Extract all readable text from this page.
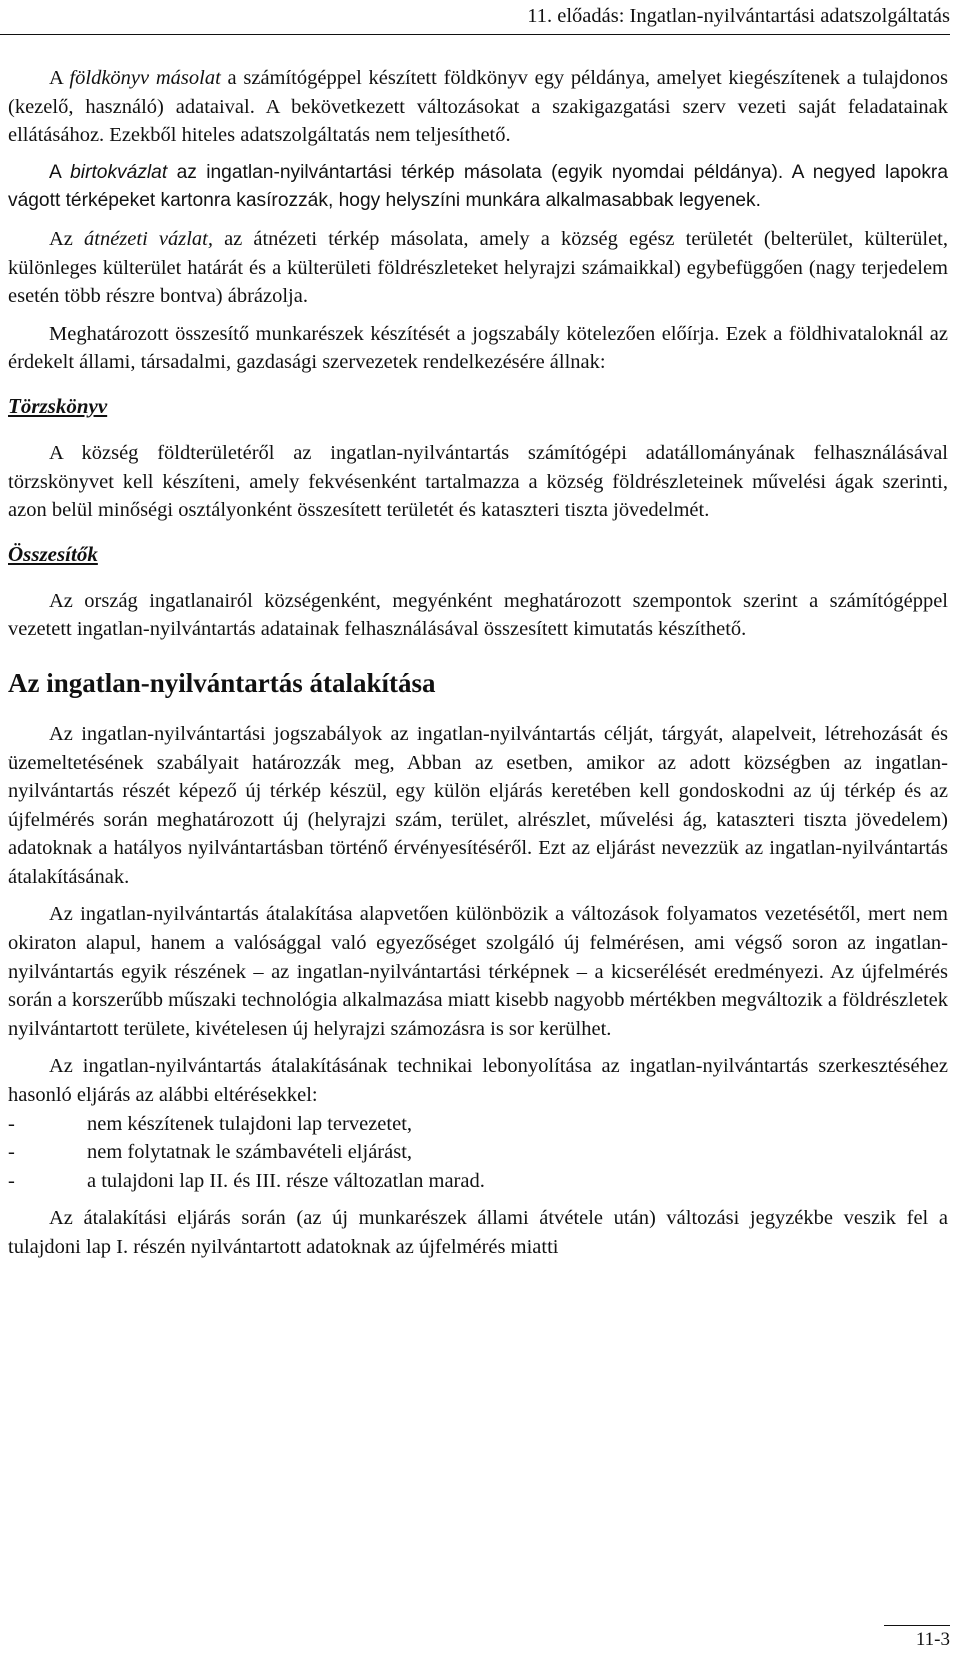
11. előadás: Ingatlan-nyilvántartási adatszolgáltatás

A földkönyv másolat a számítógéppel készített földkönyv egy példánya, amelyet kiegészítenek a tulajdonos (kezelő, használó) adataival. A bekövetkezett változásokat a szakigazgatási szerv vezeti saját feladatainak ellátásához. Ezekből hiteles adatszolgáltatás nem teljesíthető.

A birtokvázlat az ingatlan-nyilvántartási térkép másolata (egyik nyomdai példánya). A negyed lapokra vágott térképeket kartonra kasírozzák, hogy helyszíni munkára alkalmasabbak legyenek.

Az átnézeti vázlat, az átnézeti térkép másolata, amely a község egész területét (belterület, külterület, különleges külterület határát és a külterületi földrészleteket helyrajzi számaikkal) egybefüggően (nagy terjedelem esetén több részre bontva) ábrázolja.

Meghatározott összesítő munkarészek készítését a jogszabály kötelezően előírja. Ezek a földhivataloknál az érdekelt állami, társadalmi, gazdasági szervezetek rendelkezésére állnak:

Törzskönyv

A község földterületéről az ingatlan-nyilvántartás számítógépi adatállományának felhasználásával törzskönyvet kell készíteni, amely fekvésenként tartalmazza a község földrészleteinek művelési ágak szerinti, azon belül minőségi osztályonként összesített területét és kataszteri tiszta jövedelmét.

Összesítők

Az ország ingatlanairól községenként, megyénként meghatározott szempontok szerint a számítógéppel vezetett ingatlan-nyilvántartás adatainak felhasználásával összesített kimutatás készíthető.

Az ingatlan-nyilvántartás átalakítása

Az ingatlan-nyilvántartási jogszabályok az ingatlan-nyilvántartás célját, tárgyát, alapelveit, létrehozását és üzemeltetésének szabályait határozzák meg, Abban az esetben, amikor az adott községben az ingatlan-nyilvántartás részét képező új térkép készül, egy külön eljárás keretében kell gondoskodni az új térkép és az újfelmérés során meghatározott új (helyrajzi szám, terület, alrészlet, művelési ág, kataszteri tiszta jövedelem) adatoknak a hatályos nyilvántartásban történő érvényesítéséről. Ezt az eljárást nevezzük az ingatlan-nyilvántartás átalakításának.

Az ingatlan-nyilvántartás átalakítása alapvetően különbözik a változások folyamatos vezetésétől, mert nem okiraton alapul, hanem a valósággal való egyezőséget szolgáló új felmérésen, ami végső soron az ingatlan-nyilvántartás egyik részének – az ingatlan-nyilvántartási térképnek – a kicserélését eredményezi. Az újfelmérés során a korszerűbb műszaki technológia alkalmazása miatt kisebb nagyobb mértékben megváltozik a földrészletek nyilvántartott területe, kivételesen új helyrajzi számozásra is sor kerülhet.

Az ingatlan-nyilvántartás átalakításának technikai lebonyolítása az ingatlan-nyilvántartás szerkesztéséhez hasonló eljárás az alábbi eltérésekkel:

-	nem készítenek tulajdoni lap tervezetet,
-	nem folytatnak le számbavételi eljárást,
-	a tulajdoni lap II. és III. része változatlan marad.

Az átalakítási eljárás során (az új munkarészek állami átvétele után) változási jegyzékbe veszik fel a tulajdoni lap I. részén nyilvántartott adatoknak az újfelmérés miatti

11-3
